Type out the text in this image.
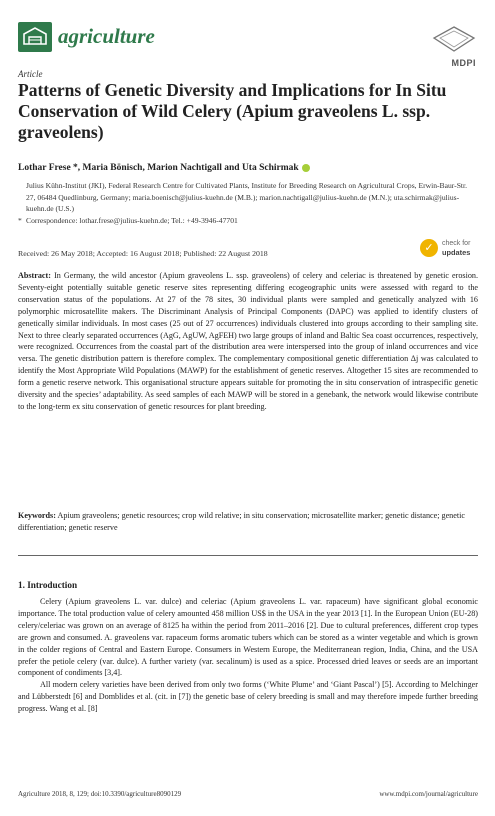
agriculture
MDPI
Article
Patterns of Genetic Diversity and Implications for In Situ Conservation of Wild Celery (Apium graveolens L. ssp. graveolens)
Lothar Frese *, Maria Bönisch, Marion Nachtigall and Uta Schirmak
Julius Kühn-Institut (JKI), Federal Research Centre for Cultivated Plants, Institute for Breeding Research on Agricultural Crops, Erwin-Baur-Str. 27, 06484 Quedlinburg, Germany; maria.boenisch@julius-kuehn.de (M.B.); marion.nachtigall@julius-kuehn.de (M.N.); uta.schirmak@julius-kuehn.de (U.S.)
* Correspondence: lothar.frese@julius-kuehn.de; Tel.: +49-3946-47701
Received: 26 May 2018; Accepted: 16 August 2018; Published: 22 August 2018	✓	check for
updates
Abstract: In Germany, the wild ancestor (Apium graveolens L. ssp. graveolens) of celery and celeriac is threatened by genetic erosion. Seventy-eight potentially suitable genetic reserve sites representing differing ecogeographic units were assessed with regard to the conservation status of the populations. At 27 of the 78 sites, 30 individual plants were sampled and genetically analyzed with 16 polymorphic microsatellite makers. The Discriminant Analysis of Principal Components (DAPC) was applied to identify clusters of genetically similar individuals. In most cases (25 out of 27 occurrences) individuals clustered into groups according to their sampling site. Next to three clearly separated occurrences (AgG, AgUW, AgFEH) two large groups of inland and Baltic Sea coast occurrences, respectively, were recognized. Occurrences from the coastal part of the distribution area were interspersed into the group of inland occurrences and vice versa. The genetic distribution pattern is therefore complex. The complementary compositional genetic differentiation Δj was calculated to identify the Most Appropriate Wild Populations (MAWP) for the establishment of genetic reserves. Altogether 15 sites are recommended to form a genetic reserve network. This organisational structure appears suitable for promoting the in situ conservation of intraspecific genetic diversity and the species’ adaptability. As seed samples of each MAWP will be stored in a genebank, the network would likewise contribute to the long-term ex situ conservation of genetic resources for plant breeding.
Keywords: Apium graveolens; genetic resources; crop wild relative; in situ conservation; microsatellite marker; genetic distance; genetic differentiation; genetic reserve
1. Introduction

Celery (Apium graveolens L. var. dulce) and celeriac (Apium graveolens L. var. rapaceum) have significant global economic importance. The total production value of celery amounted 458 million US$ in the USA in the year 2013 [1]. In the European Union (EU-28) celery/celeriac was grown on an average of 8125 ha within the period from 2011–2016 [2]. Due to cultural preferences, different crop types are grown and consumed. A. graveolens var. rapaceum forms aromatic tubers which can be stored as a winter vegetable and which is grown in the colder regions of Central and Eastern Europe. Consumers in Western Europe, the Mediterranean region, India, China, and the USA prefer the petiole celery (var. dulce). A further variety (var. secalinum) is used as a spice. Processed dried leaves or seeds are an important component of condiments [3,4].

All modern celery varieties have been derived from only two forms (‘White Plume’ and ‘Giant Pascal’) [5]. According to Melchinger and Lübberstedt [6] and Domblides et al. (cit. in [7]) the genetic base of celery breeding is small and may therefore impede further breeding progress. Wang et al. [8]

Agriculture 2018, 8, 129; doi:10.3390/agriculture8090129	www.mdpi.com/journal/agriculture
